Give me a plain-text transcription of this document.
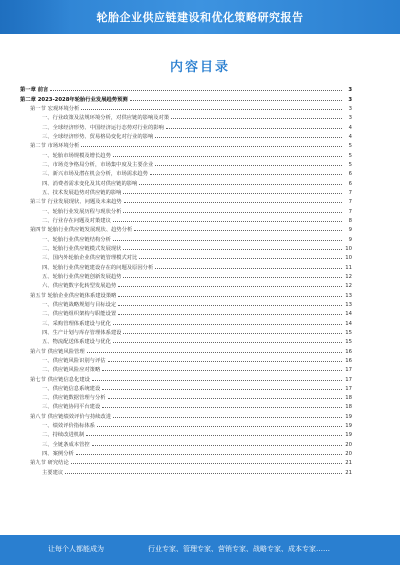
轮胎企业供应链建设和优化策略研究报告
内容目录
第一章 前言	3
第二章 2023-2028年轮胎行业发展趋势预测	3
第一节 宏观环境分析	3
一、行业政策及法规环境分析，对供应链的影响及对策	3
二、全球经济形势、中国经济运行态势对行业的影响	4
三、全球经济形势、贸易格局变化对行业的影响	4
第二节 市场环境分析	5
一、轮胎市场规模及增长趋势	5
二、市场竞争格局分析，市场集中度及主要企业	5
三、新兴市场及潜在机会分析，市场需求趋势	6
四、消费者需求变化及其对供应链的影响	6
五、技术发展趋势对供应链的影响	7
第三节 行业发展现状、问题及未来趋势	7
一、轮胎行业发展历程与现状分析	7
二、行业存在问题及对策建议	8
第四节 轮胎行业供应链发展现状、趋势分析	9
一、轮胎行业供应链结构分析	9
二、轮胎行业供应链模式发展现状	10
三、国内外轮胎企业供应链管理模式对比	10
四、轮胎行业供应链建设存在的问题及原因分析	11
五、轮胎行业供应链创新发展趋势	12
六、供应链数字化转型发展趋势	12
第五节 轮胎企业供应链体系建设策略	13
一、供应链战略规划与目标设定	13
二、供应链组织架构与职能设置	14
三、采购管理体系建设与优化	14
四、生产计划与库存管理体系建设	15
五、物流配送体系建设与优化	15
第六节 供应链风险管理	16
一、供应链风险识别与评估	16
二、供应链风险应对策略	17
第七节 供应链信息化建设	17
一、供应链信息系统建设	17
二、供应链数据管理与分析	18
三、供应链协同平台建设	18
第八节 供应链绩效评价与持续改进	19
一、绩效评价指标体系	19
二、持续改进机制	19
三、全链条成本管控	20
四、案例分析	20
第九节 研究结论	21
主要建议	21
让每个人都能成为	行业专家、管理专家、营销专家、战略专家、成本专家……
